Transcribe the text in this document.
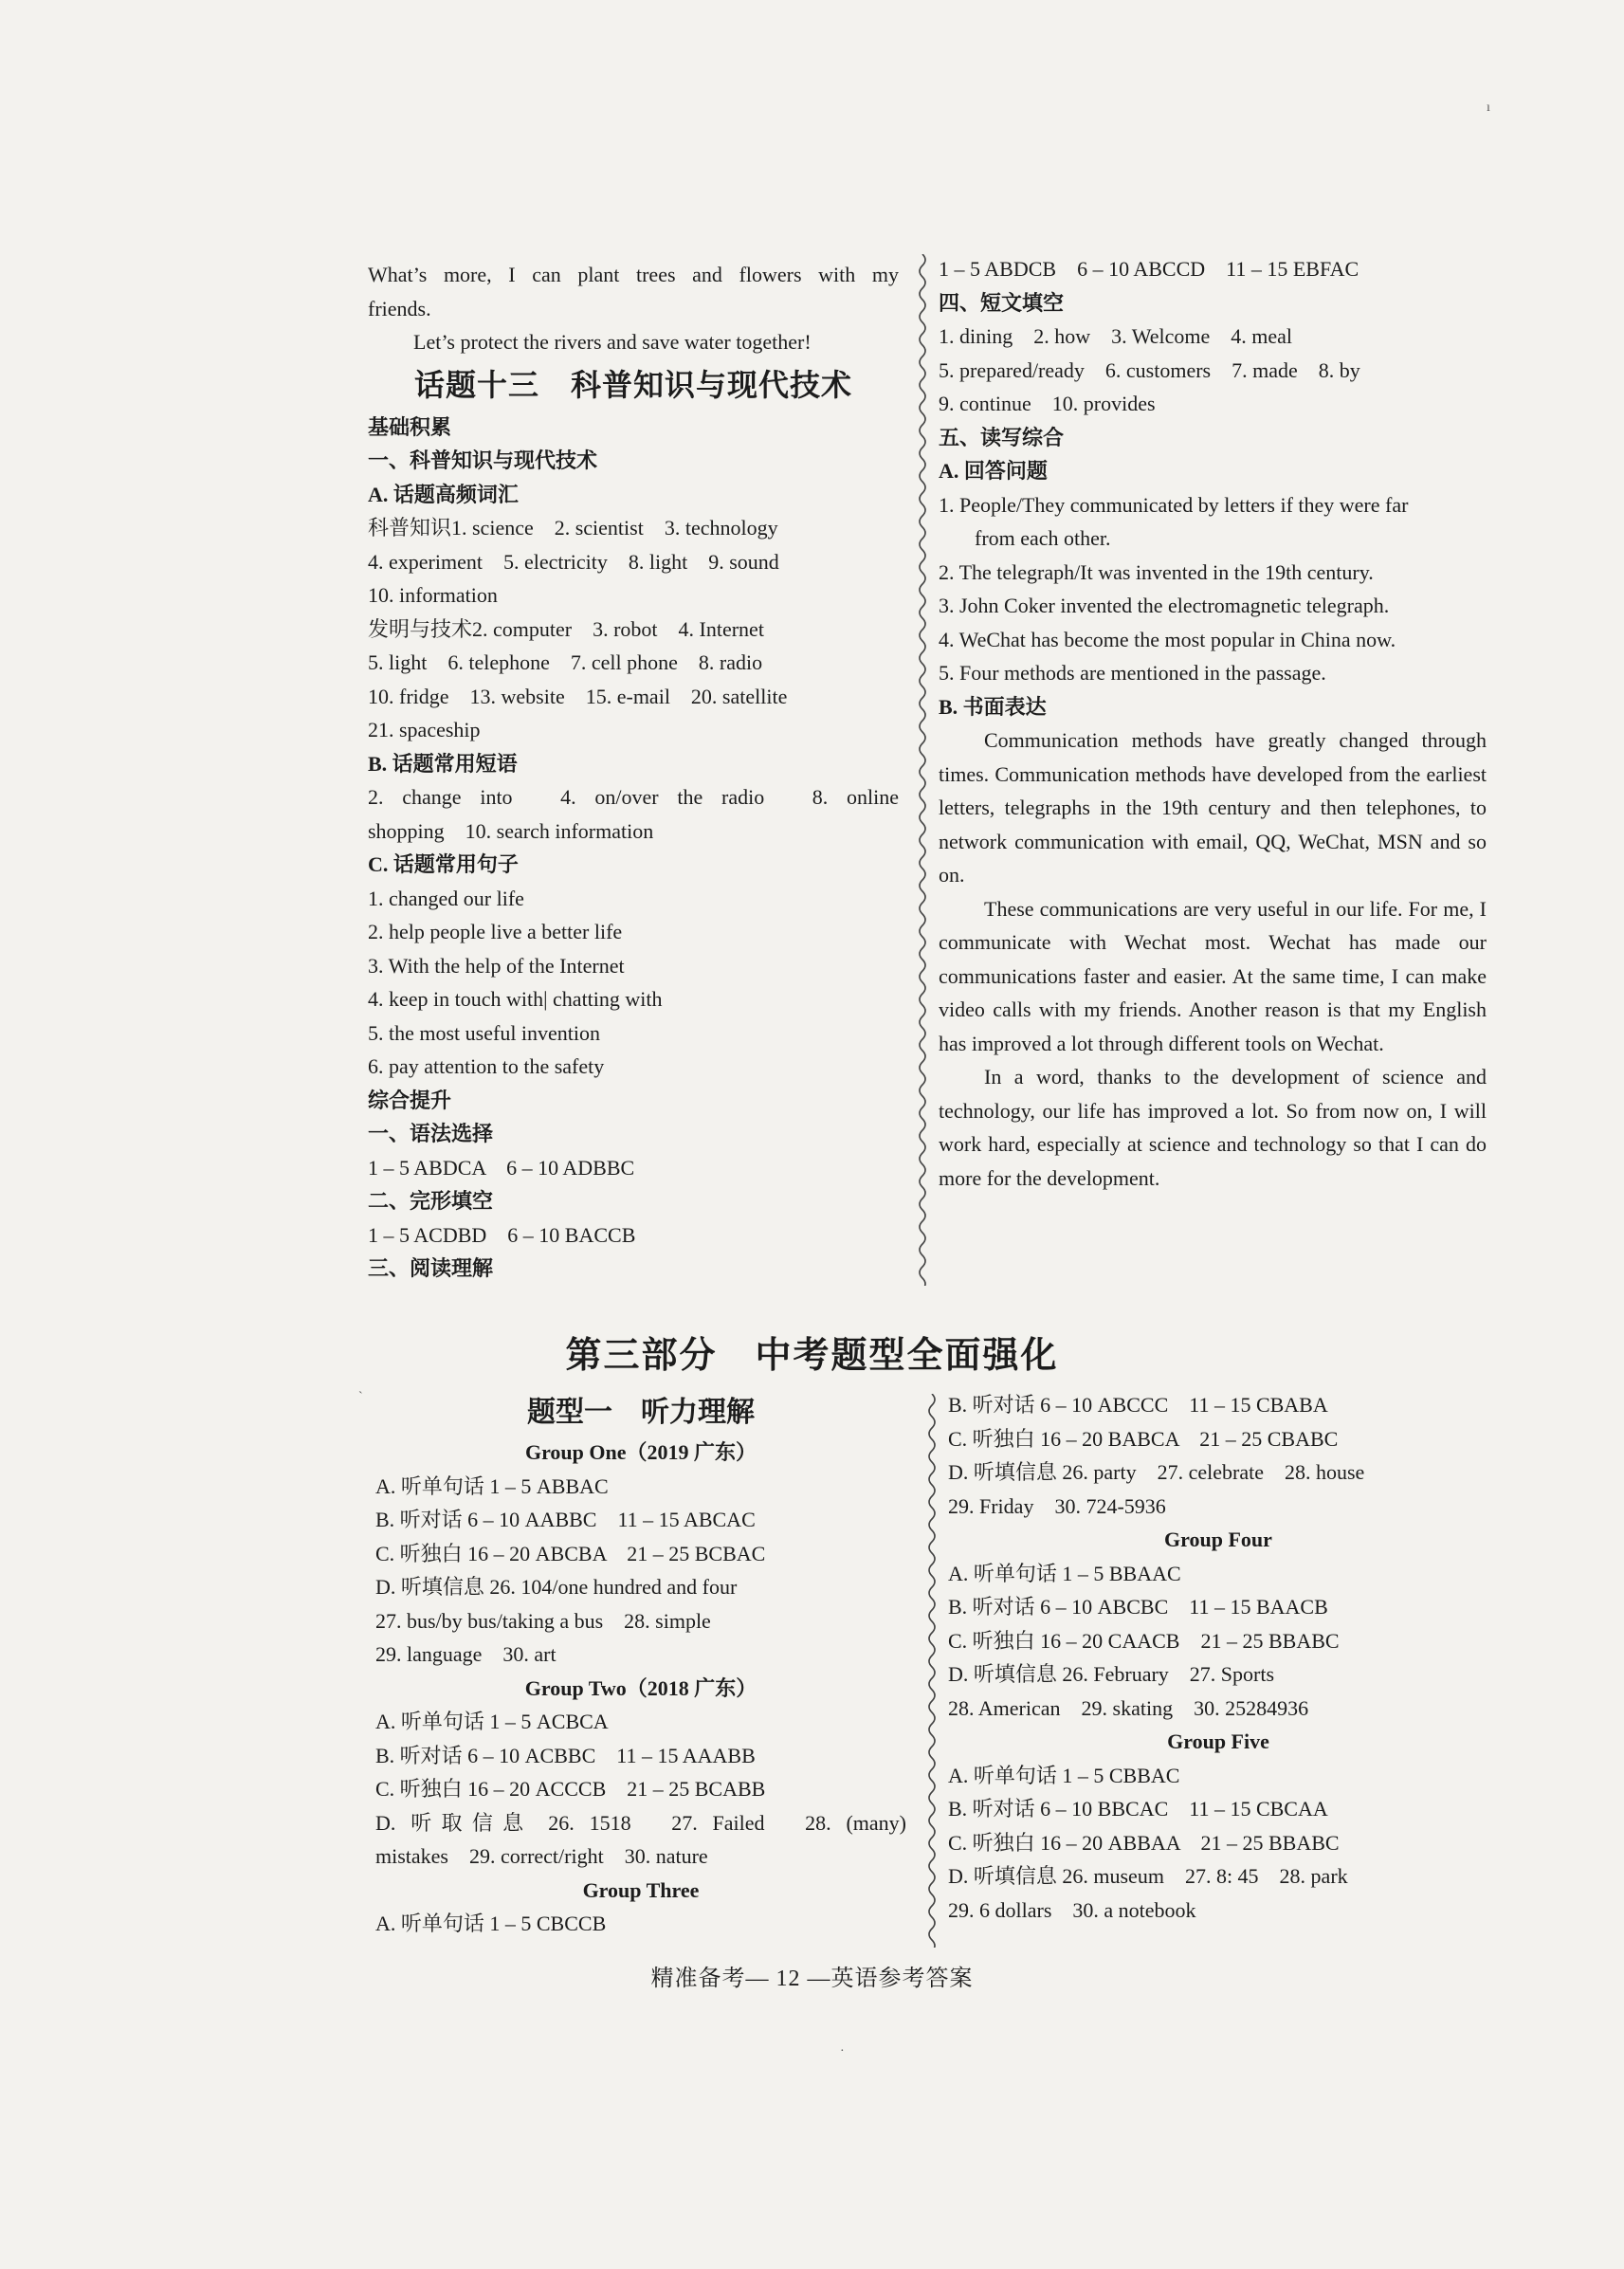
What’s more, I can plant trees and flowers with my

friends.

Let’s protect the rivers and save water together!

话题十三　科普知识与现代技术

基础积累

一、科普知识与现代技术

A. 话题高频词汇

科普知识1. science　2. scientist　3. technology

4. experiment　5. electricity　8. light　9. sound

10. information

发明与技术2. computer　3. robot　4. Internet

5. light　6. telephone　7. cell phone　8. radio

10. fridge　13. website　15. e-mail　20. satellite

21. spaceship

B. 话题常用短语

2. change into　4. on/over the radio　8. online

shopping　10. search information

C. 话题常用句子

1. changed our life

2. help people live a better life

3. With the help of the Internet

4. keep in touch with| chatting with

5. the most useful invention

6. pay attention to the safety

综合提升

一、语法选择

1 – 5 ABDCA　6 – 10 ADBBC

二、完形填空

1 – 5 ACDBD　6 – 10 BACCB

三、阅读理解

1 – 5 ABDCB　6 – 10 ABCCD　11 – 15 EBFAC

四、短文填空

1. dining　2. how　3. Welcome　4. meal

5. prepared/ready　6. customers　7. made　8. by

9. continue　10. provides

五、读写综合

A. 回答问题

1. People/They communicated by letters if they were far

from each other.

2. The telegraph/It was invented in the 19th century.

3. John Coker invented the electromagnetic telegraph.

4. WeChat has become the most popular in China now.

5. Four methods are mentioned in the passage.

B. 书面表达

Communication methods have greatly changed through times. Communication methods have developed from the earliest letters, telegraphs in the 19th century and then telephones, to network communication with email, QQ, WeChat, MSN and so on.

These communications are very useful in our life. For me, I communicate with Wechat most. Wechat has made our communications faster and easier. At the same time, I can make video calls with my friends. Another reason is that my English has improved a lot through different tools on Wechat.

In a word, thanks to the development of science and technology, our life has improved a lot. So from now on, I will work hard, especially at science and technology so that I can do more for the development.

第三部分　中考题型全面强化

题型一　听力理解

Group One（2019 广东）

A. 听单句话 1 – 5 ABBAC

B. 听对话 6 – 10 AABBC　11 – 15 ABCAC

C. 听独白 16 – 20 ABCBA　21 – 25 BCBAC

D. 听填信息 26. 104/one hundred and four

27. bus/by bus/taking a bus　28. simple

29. language　30. art

Group Two（2018 广东）

A. 听单句话 1 – 5 ACBCA

B. 听对话 6 – 10 ACBBC　11 – 15 AAABB

C. 听独白 16 – 20 ACCCB　21 – 25 BCABB

D. 听取信息 26. 1518　27. Failed　28. (many)

mistakes　29. correct/right　30. nature

Group Three

A. 听单句话 1 – 5 CBCCB

B. 听对话 6 – 10 ABCCC　11 – 15 CBABA

C. 听独白 16 – 20 BABCA　21 – 25 CBABC

D. 听填信息 26. party　27. celebrate　28. house

29. Friday　30. 724-5936

Group Four

A. 听单句话 1 – 5 BBAAC

B. 听对话 6 – 10 ABCBC　11 – 15 BAACB

C. 听独白 16 – 20 CAACB　21 – 25 BBABC

D. 听填信息 26. February　27. Sports

28. American　29. skating　30. 25284936

Group Five

A. 听单句话 1 – 5 CBBAC

B. 听对话 6 – 10 BBCAC　11 – 15 CBCAA

C. 听独白 16 – 20 ABBAA　21 – 25 BBABC

D. 听填信息 26. museum　27. 8: 45　28. park

29. 6 dollars　30. a notebook

精准备考— 12 —英语参考答案
ı
ˋ
·
